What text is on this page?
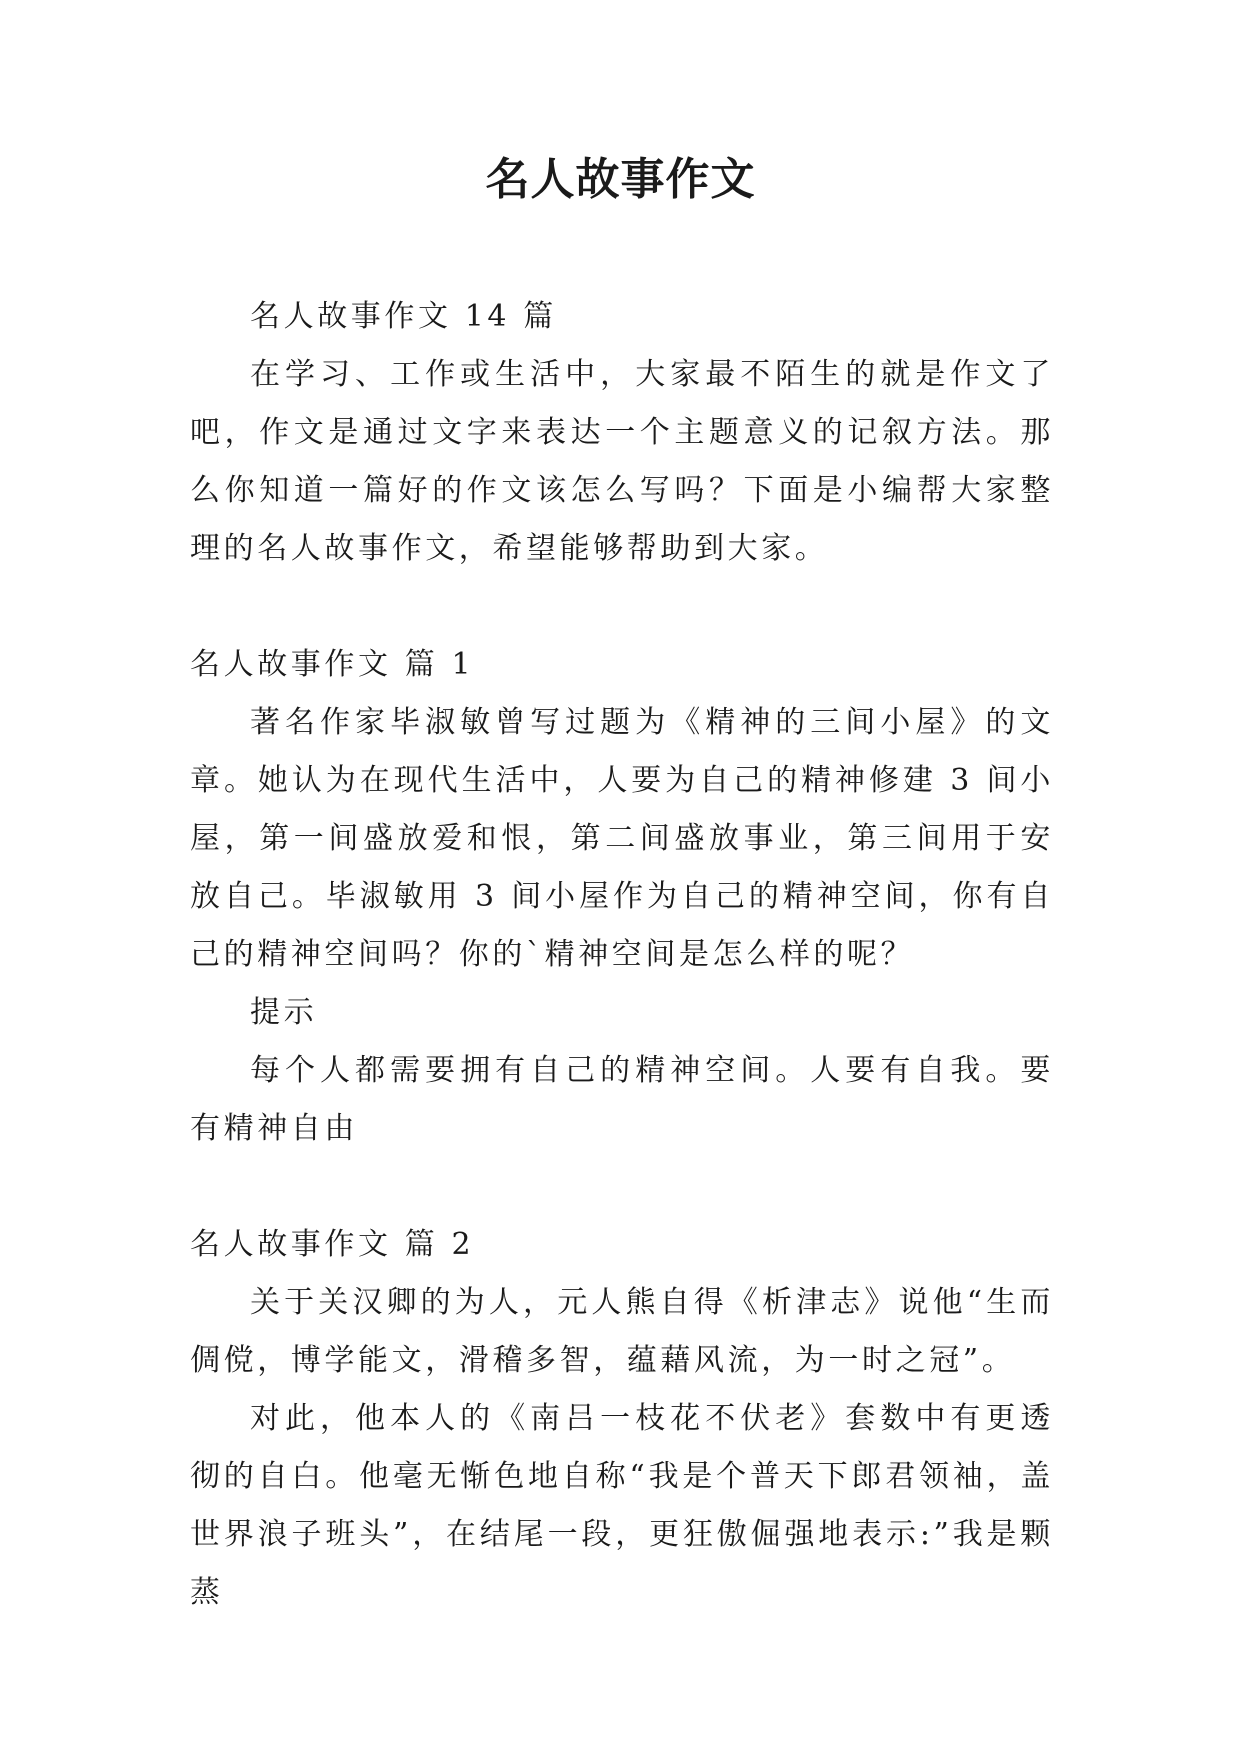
名人故事作文

名人故事作文 14 篇

在学习、工作或生活中，大家最不陌生的就是作文了吧，作文是通过文字来表达一个主题意义的记叙方法。那么你知道一篇好的作文该怎么写吗？下面是小编帮大家整理的名人故事作文，希望能够帮助到大家。

名人故事作文 篇 1

著名作家毕淑敏曾写过题为《精神的三间小屋》的文章。她认为在现代生活中，人要为自己的精神修建 3 间小屋，第一间盛放爱和恨，第二间盛放事业，第三间用于安放自己。毕淑敏用 3 间小屋作为自己的精神空间，你有自己的精神空间吗？你的`精神空间是怎么样的呢？

提示

每个人都需要拥有自己的精神空间。人要有自我。要有精神自由

名人故事作文 篇 2

关于关汉卿的为人，元人熊自得《析津志》说他“生而倜傥，博学能文，滑稽多智，蕴藉风流，为一时之冠”。

对此，他本人的《南吕一枝花不伏老》套数中有更透彻的自白。他毫无惭色地自称“我是个普天下郎君领袖，盖世界浪子班头”，在结尾一段，更狂傲倔强地表示:”我是颗蒸
